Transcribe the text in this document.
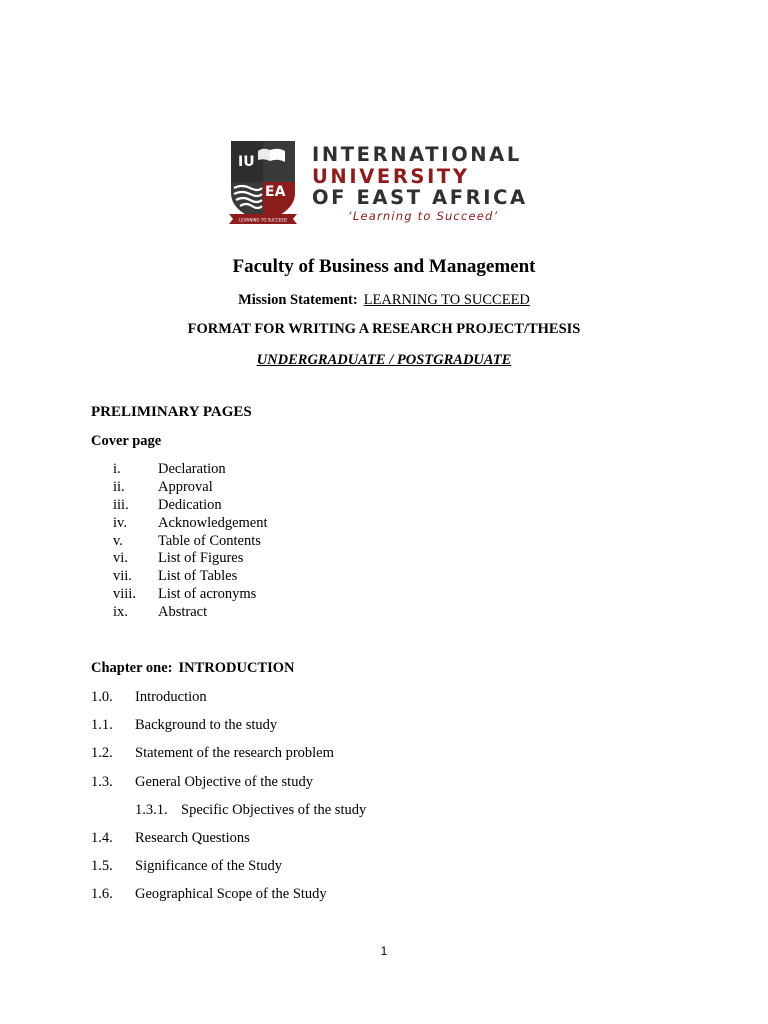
IU
EA
LEARNING TO SUCCEED
INTERNATIONAL
UNIVERSITY
OF EAST AFRICA
‘Learning to Succeed’
Faculty of Business and Management
Mission Statement: LEARNING TO SUCCEED
FORMAT FOR WRITING A RESEARCH PROJECT/THESIS
UNDERGRADUATE / POSTGRADUATE
PRELIMINARY PAGES
Cover page
i.	Declaration
ii. Approval
iii. Dedication
iv. Acknowledgement
v. Table of Contents
vi. List of Figures
vii. List of Tables
viii. List of acronyms
ix. Abstract
Chapter one: INTRODUCTION
1.0. Introduction
1.1. Background to the study
1.2. Statement of the research problem
1.3. General Objective of the study
1.3.1. Specific Objectives of the study
1.4. Research Questions
1.5. Significance of the Study
1.6. Geographical Scope of the Study
1
